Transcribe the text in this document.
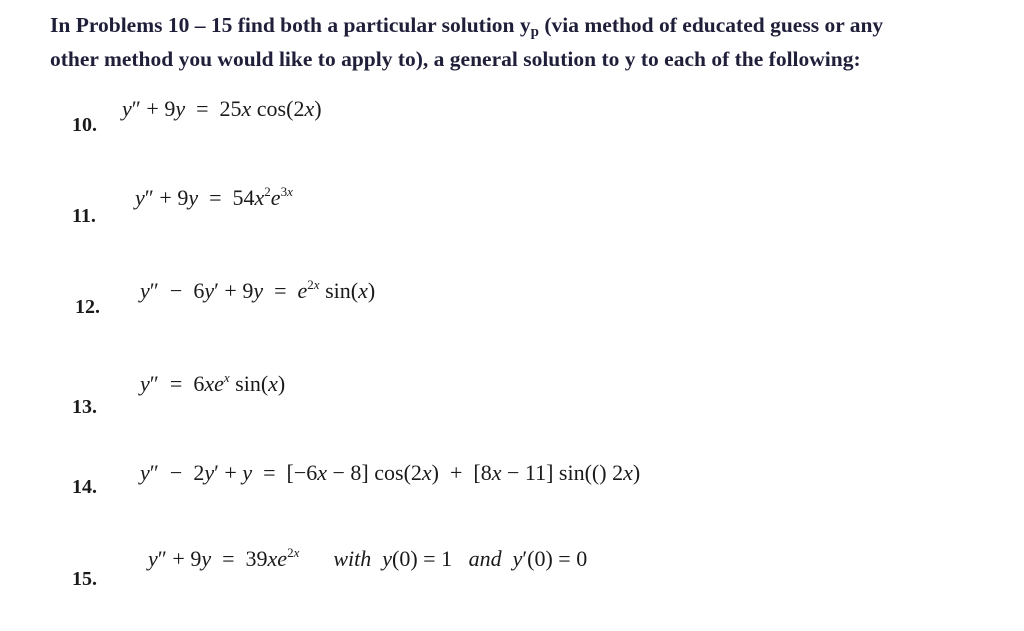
In Problems 10 – 15 find both a particular solution $y_p$ (via method of educated guess or any
other method you would like to apply to), a general solution to y to each of the following:
10.
y″ + 9y  =  25x cos(2x)
11.
$y'' + 9y = 54x^2e^{3x}$
12.
$y'' - 6y' + 9y = e^{2x}$ sin(x)
13.
$y'' = 6xe^x$ sin(x)
14.
y″  −  2y′ + y  =  [−6x − 8] cos(2x)  +  [8x − 11] sin(() 2x)
15.
$y'' + 9y = 39xe^{2x}$ with y(0) = 1   and y′(0) = 0
